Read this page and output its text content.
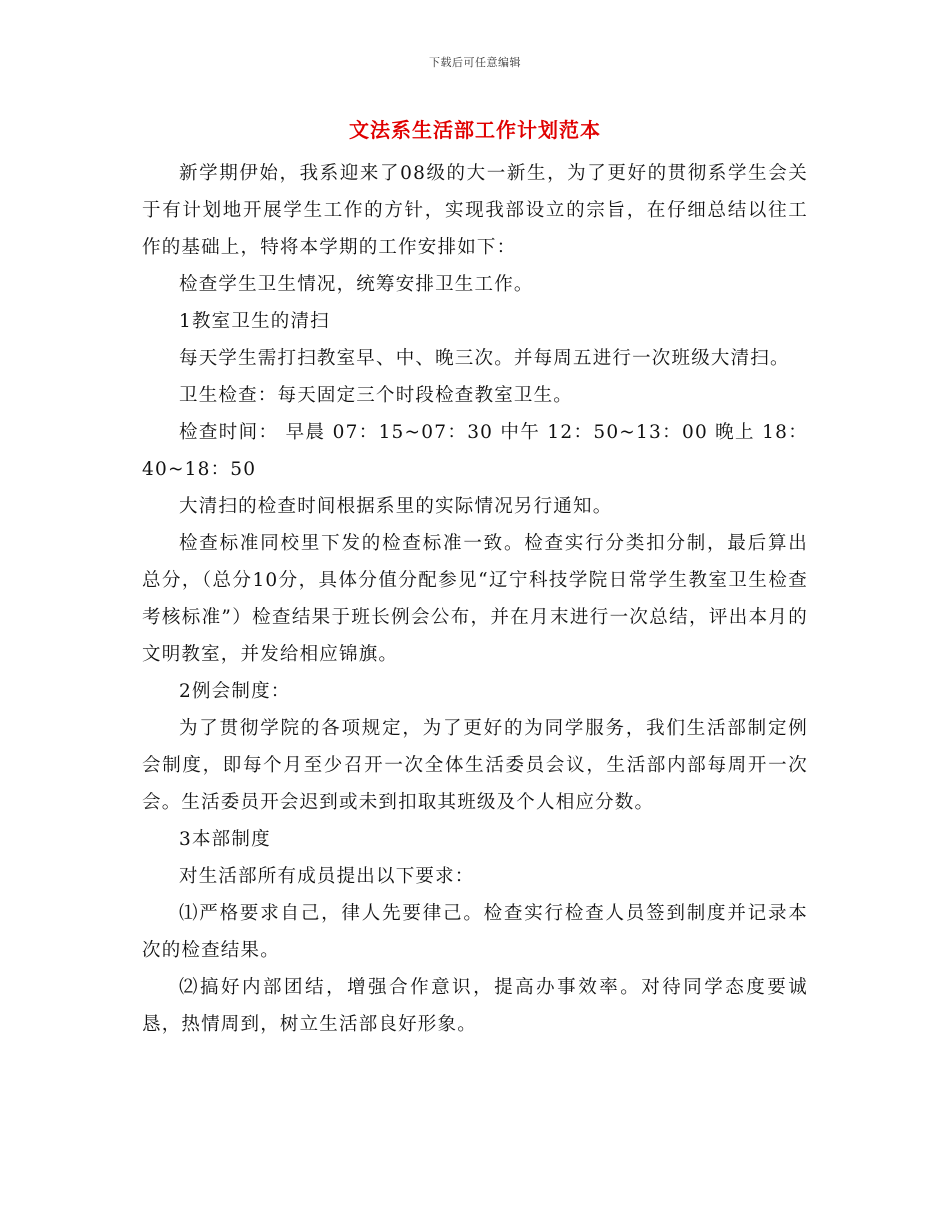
下载后可任意编辑
文法系生活部工作计划范本

新学期伊始，我系迎来了08级的大一新生，为了更好的贯彻系学生会关于有计划地开展学生工作的方针，实现我部设立的宗旨，在仔细总结以往工作的基础上，特将本学期的工作安排如下：

检查学生卫生情况，统筹安排卫生工作。

1教室卫生的清扫

每天学生需打扫教室早、中、晚三次。并每周五进行一次班级大清扫。

卫生检查：每天固定三个时段检查教室卫生。

检查时间： 早晨 07：15~07：30 中午 12：50~13：00 晚上 18：40~18：50

大清扫的检查时间根据系里的实际情况另行通知。

检查标准同校里下发的检查标准一致。检查实行分类扣分制，最后算出总分，（总分10分，具体分值分配参见“辽宁科技学院日常学生教室卫生检查考核标准”）检查结果于班长例会公布，并在月末进行一次总结，评出本月的文明教室，并发给相应锦旗。

2例会制度：

为了贯彻学院的各项规定，为了更好的为同学服务，我们生活部制定例会制度，即每个月至少召开一次全体生活委员会议，生活部内部每周开一次会。生活委员开会迟到或未到扣取其班级及个人相应分数。

3本部制度

对生活部所有成员提出以下要求：

⑴严格要求自己，律人先要律己。检查实行检查人员签到制度并记录本次的检查结果。

⑵搞好内部团结，增强合作意识，提高办事效率。对待同学态度要诚恳，热情周到，树立生活部良好形象。
